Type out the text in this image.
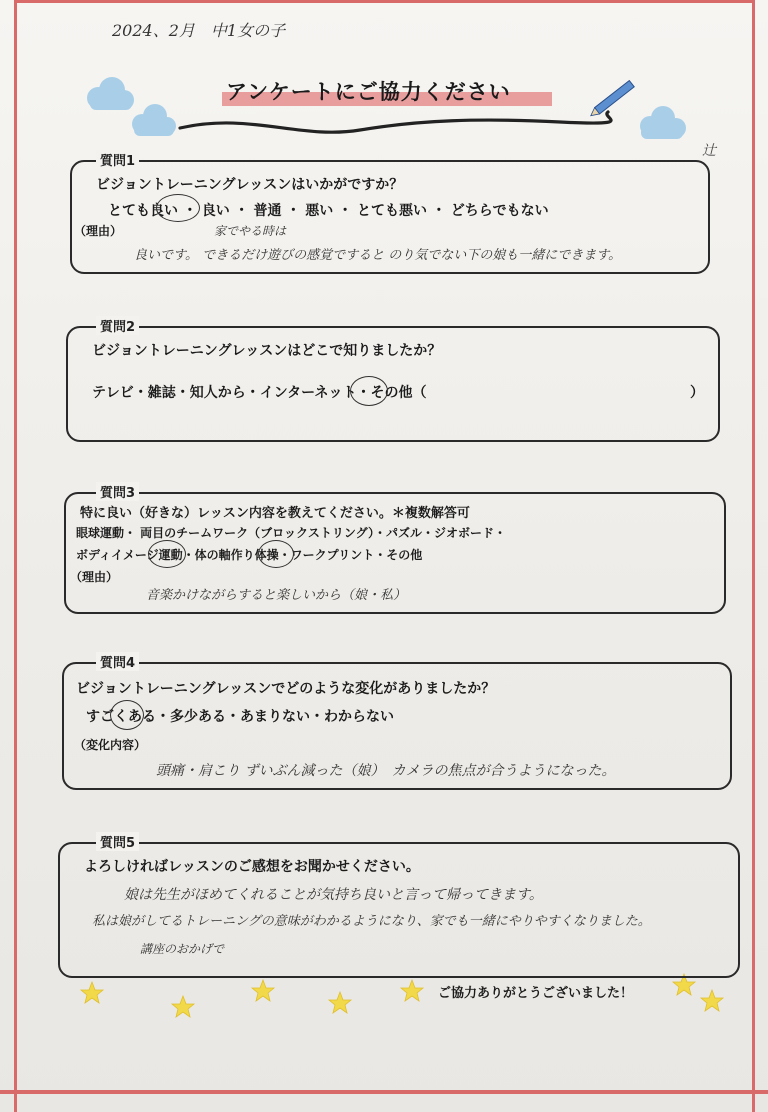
2024、2月　中1女の子
辻
アンケートにご協力ください
質問1
ビジョントレーニングレッスンはいかがですか？
とても良い ・ 良い ・ 普通 ・ 悪い ・ とても悪い ・ どちらでもない
（理由）	家でやる時は
良いです。 できるだけ遊びの感覚ですると のり気でない下の娘も一緒にできます。
質問2
ビジョントレーニングレッスンはどこで知りましたか？
テレビ・雑誌・知人から・インターネット・その他（	）
質問3
特に良い（好きな）レッスン内容を教えてください。＊複数解答可
眼球運動・ 両目のチームワーク（ブロックストリング）・パズル・ジオボード・
ボディイメージ運動・体の軸作り体操・ワークプリント・その他
（理由）
音楽かけながらすると楽しいから（娘・私）
質問4
ビジョントレーニングレッスンでどのような変化がありましたか？
すごくある・多少ある・あまりない・わからない
（変化内容）
頭痛・肩こり ずいぶん減った（娘）　カメラの焦点が合うようになった。
質問5
よろしければレッスンのご感想をお聞かせください。
娘は先生がほめてくれることが気持ち良いと言って帰ってきます。
私は娘がしてるトレーニングの意味がわかるようになり、家でも一緒にやりやすくなりました。
講座のおかげで
ご協力ありがとうございました！
